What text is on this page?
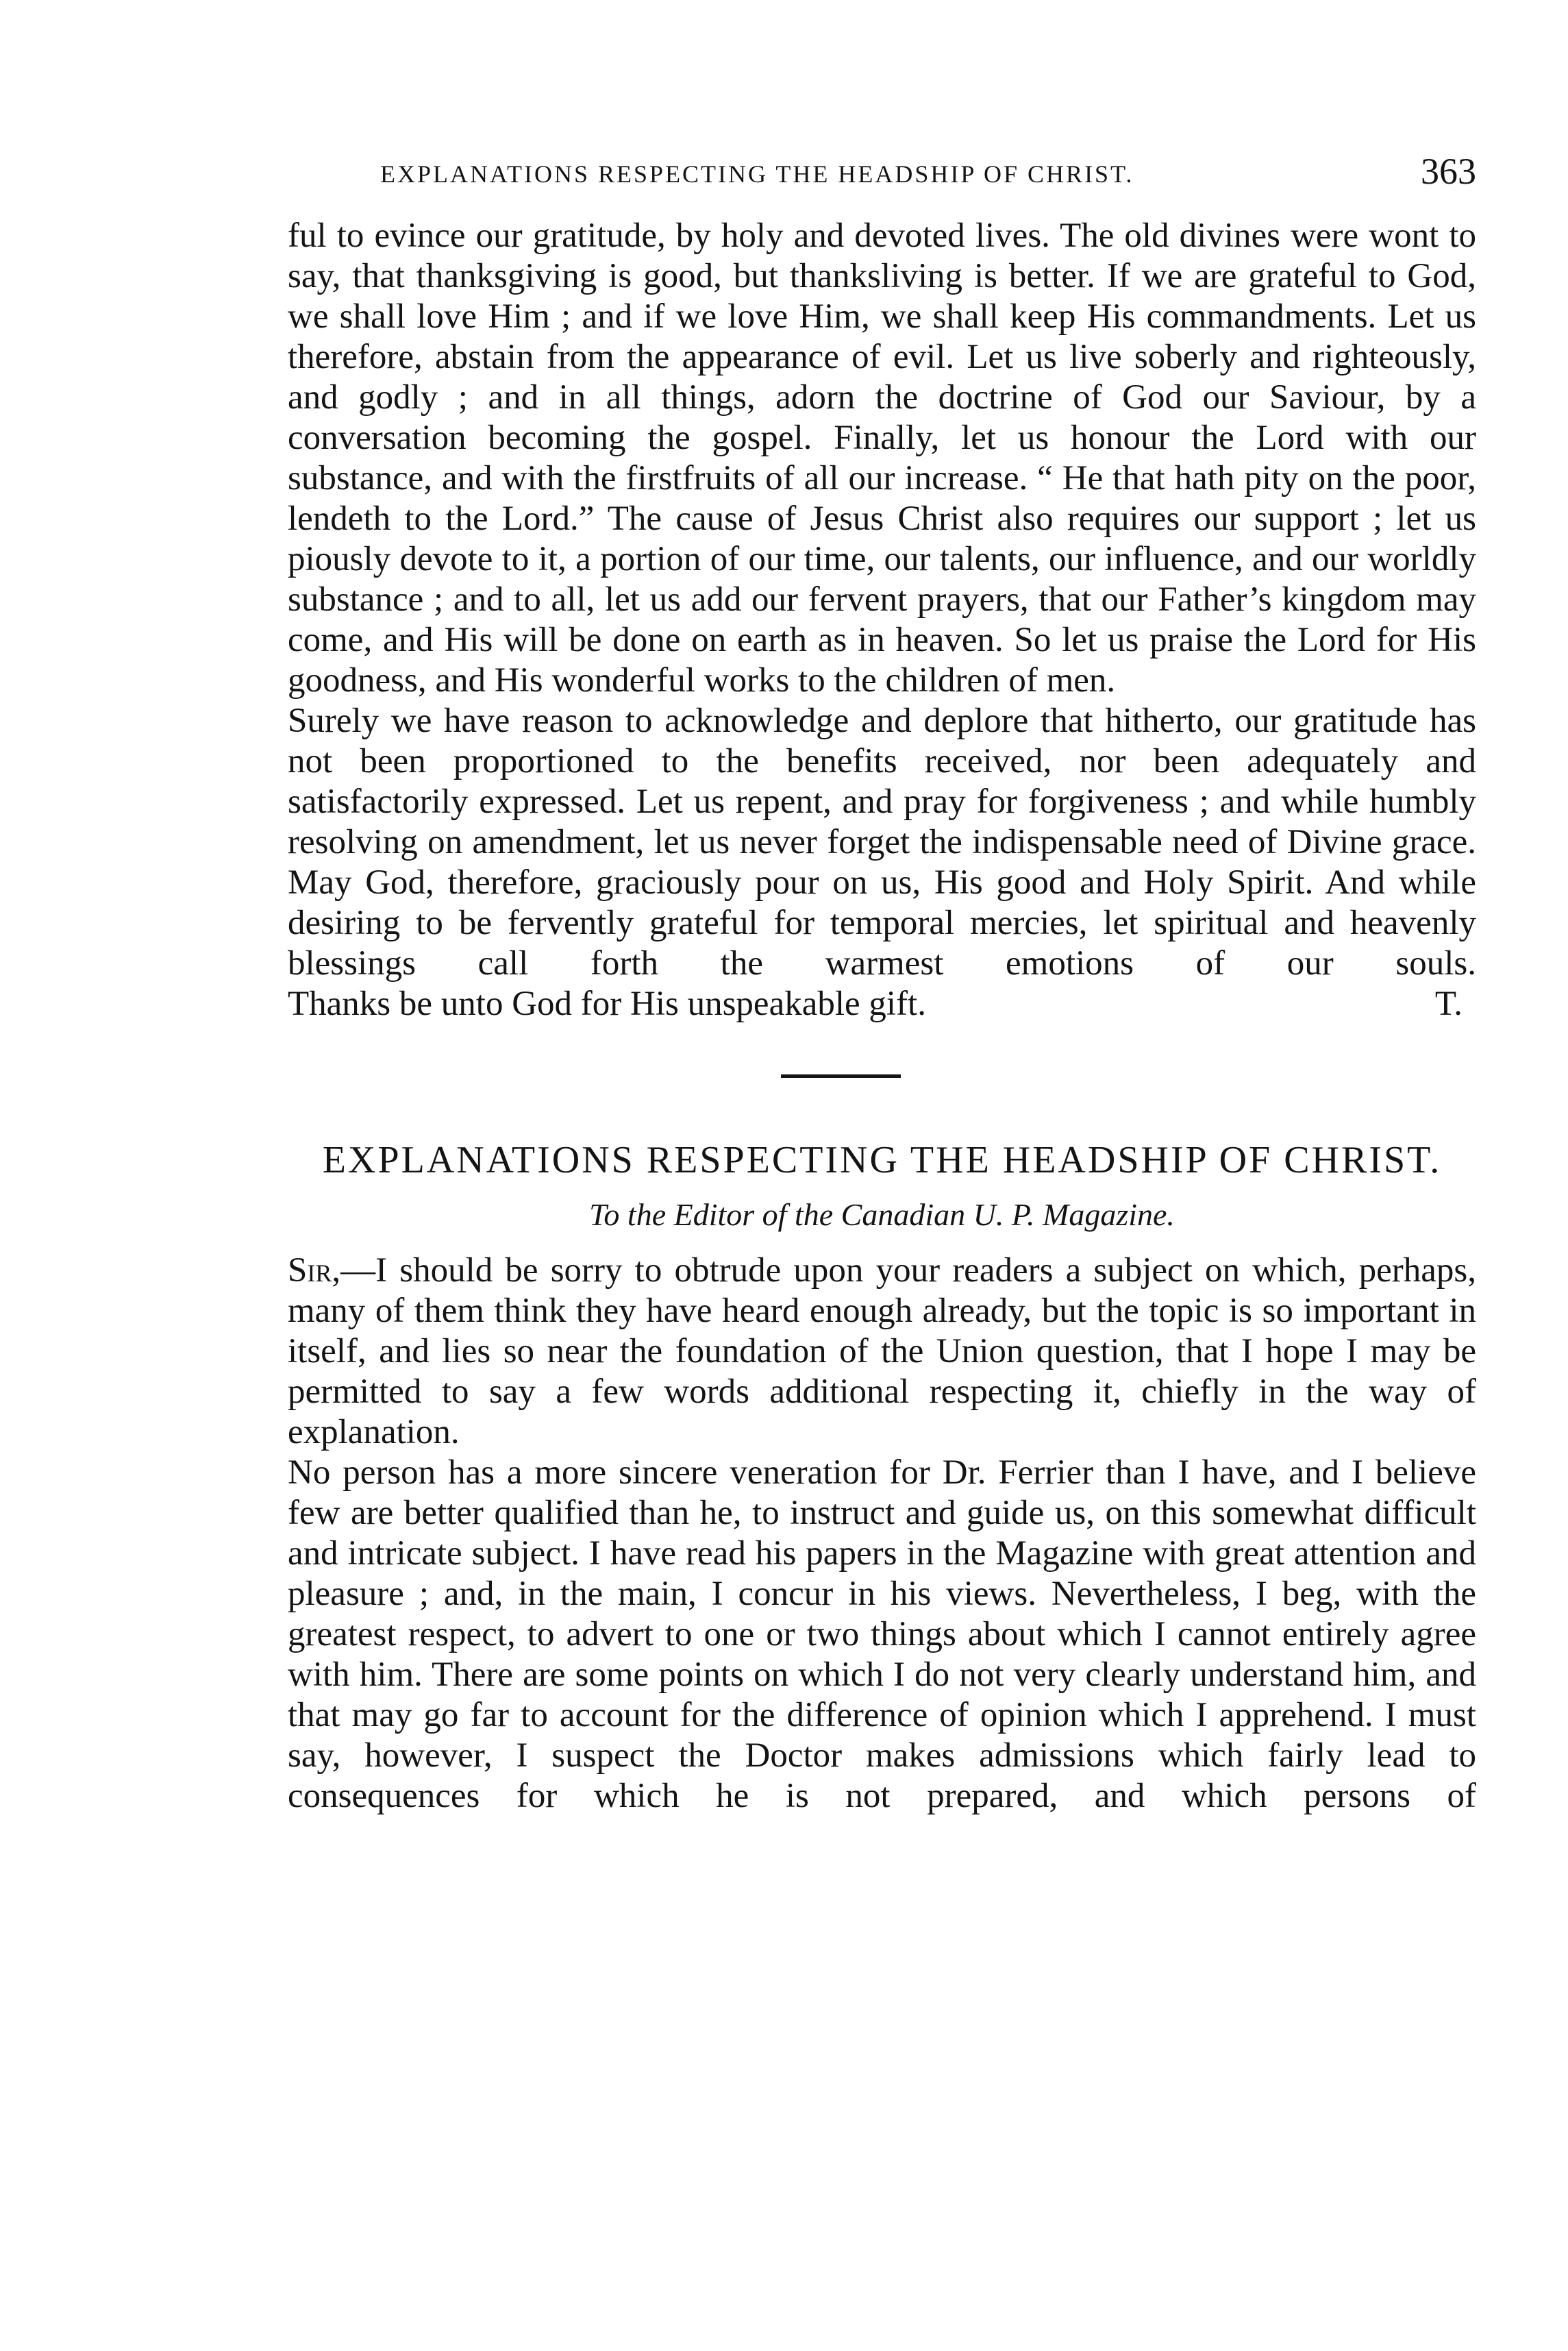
EXPLANATIONS RESPECTING THE HEADSHIP OF CHRIST.	363

ful to evince our gratitude, by holy and devoted lives. The old divines were wont to say, that thanksgiving is good, but thanksliving is better. If we are grateful to God, we shall love Him ; and if we love Him, we shall keep His commandments. Let us therefore, abstain from the appearance of evil. Let us live soberly and righteously, and godly ; and in all things, adorn the doctrine of God our Saviour, by a conversation becoming the gospel. Finally, let us honour the Lord with our substance, and with the firstfruits of all our increase. “ He that hath pity on the poor, lendeth to the Lord.” The cause of Jesus Christ also requires our support ; let us piously devote to it, a portion of our time, our talents, our influence, and our worldly substance ; and to all, let us add our fervent prayers, that our Father’s kingdom may come, and His will be done on earth as in heaven. So let us praise the Lord for His goodness, and His wonderful works to the children of men.

Surely we have reason to acknowledge and deplore that hitherto, our gratitude has not been proportioned to the benefits received, nor been adequately and satisfactorily expressed. Let us repent, and pray for forgiveness ; and while humbly resolving on amendment, let us never forget the indispensable need of Divine grace. May God, therefore, graciously pour on us, His good and Holy Spirit. And while desiring to be fervently grateful for temporal mercies, let spiritual and heavenly blessings call forth the warmest emotions of our souls.

Thanks be unto God for His unspeakable gift.	T.
EXPLANATIONS RESPECTING THE HEADSHIP OF CHRIST.
To the Editor of the Canadian U. P. Magazine.

Sir,—I should be sorry to obtrude upon your readers a subject on which, perhaps, many of them think they have heard enough already, but the topic is so important in itself, and lies so near the foundation of the Union question, that I hope I may be permitted to say a few words additional respecting it, chiefly in the way of explanation.

No person has a more sincere veneration for Dr. Ferrier than I have, and I believe few are better qualified than he, to instruct and guide us, on this somewhat difficult and intricate subject. I have read his papers in the Magazine with great attention and pleasure ; and, in the main, I concur in his views. Nevertheless, I beg, with the greatest respect, to advert to one or two things about which I cannot entirely agree with him. There are some points on which I do not very clearly understand him, and that may go far to account for the difference of opinion which I apprehend. I must say, however, I suspect the Doctor makes admissions which fairly lead to consequences for which he is not prepared, and which persons of
